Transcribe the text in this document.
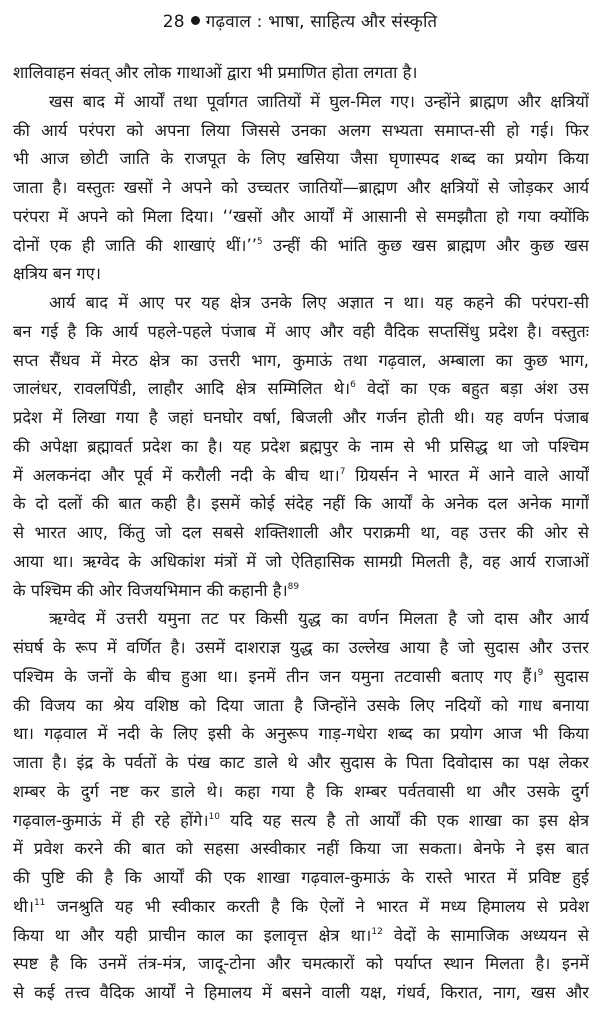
28 गढ़वाल : भाषा, साहित्य और संस्कृति
शालिवाहन संवत् और लोक गाथाओं द्वारा भी प्रमाणित होता लगता है।
खस बाद में आर्यों तथा पूर्वागत जातियों में घुल-मिल गए। उन्होंने ब्राह्मण और क्षत्रियों
की आर्य परंपरा को अपना लिया जिससे उनका अलग सभ्यता समाप्त-सी हो गई। फिर
भी आज छोटी जाति के राजपूत के लिए खसिया जैसा घृणास्पद शब्द का प्रयोग किया
जाता है। वस्तुतः खसों ने अपने को उच्चतर जातियों—ब्राह्मण और क्षत्रियों से जोड़कर आर्य
परंपरा में अपने को मिला दिया। ‘‘खसों और आर्यों में आसानी से समझौता हो गया क्योंकि
दोनों एक ही जाति की शाखाएं थीं।’’$^5$ उन्हीं की भांति कुछ खस ब्राह्मण और कुछ खस
क्षत्रिय बन गए।
आर्य बाद में आए पर यह क्षेत्र उनके लिए अज्ञात न था। यह कहने की परंपरा-सी
बन गई है कि आर्य पहले-पहले पंजाब में आए और वही वैदिक सप्तसिंधु प्रदेश है। वस्तुतः
सप्त सैंधव में मेरठ क्षेत्र का उत्तरी भाग, कुमाऊं तथा गढ़वाल, अम्बाला का कुछ भाग,
जालंधर, रावलपिंडी, लाहौर आदि क्षेत्र सम्मिलित थे।$^6$ वेदों का एक बहुत बड़ा अंश उस
प्रदेश में लिखा गया है जहां घनघोर वर्षा, बिजली और गर्जन होती थी। यह वर्णन पंजाब
की अपेक्षा ब्रह्मावर्त प्रदेश का है। यह प्रदेश ब्रह्मपुर के नाम से भी प्रसिद्ध था जो पश्चिम
में अलकनंदा और पूर्व में करौली नदी के बीच था।$^7$ ग्रियर्सन ने भारत में आने वाले आर्यों
के दो दलों की बात कही है। इसमें कोई संदेह नहीं कि आर्यों के अनेक दल अनेक मार्गों
से भारत आए, किंतु जो दल सबसे शक्तिशाली और पराक्रमी था, वह उत्तर की ओर से
आया था। ऋग्वेद के अधिकांश मंत्रों में जो ऐतिहासिक सामग्री मिलती है, वह आर्य राजाओं
के पश्चिम की ओर विजयभिमान की कहानी है।$^{89}$
ऋग्वेद में उत्तरी यमुना तट पर किसी युद्ध का वर्णन मिलता है जो दास और आर्य
संघर्ष के रूप में वर्णित है। उसमें दाशराज्ञ युद्ध का उल्लेख आया है जो सुदास और उत्तर
पश्चिम के जनों के बीच हुआ था। इनमें तीन जन यमुना तटवासी बताए गए हैं।$^9$ सुदास
की विजय का श्रेय वशिष्ठ को दिया जाता है जिन्होंने उसके लिए नदियों को गाध बनाया
था। गढ़वाल में नदी के लिए इसी के अनुरूप गाड़-गधेरा शब्द का प्रयोग आज भी किया
जाता है। इंद्र के पर्वतों के पंख काट डाले थे और सुदास के पिता दिवोदास का पक्ष लेकर
शम्बर के दुर्ग नष्ट कर डाले थे। कहा गया है कि शम्बर पर्वतवासी था और उसके दुर्ग
गढ़वाल-कुमाऊं में ही रहे होंगे।$^{10}$ यदि यह सत्य है तो आर्यों की एक शाखा का इस क्षेत्र
में प्रवेश करने की बात को सहसा अस्वीकार नहीं किया जा सकता। बेनफे ने इस बात
की पुष्टि की है कि आर्यों की एक शाखा गढ़वाल-कुमाऊं के रास्ते भारत में प्रविष्ट हुई
थी।$^{11}$ जनश्रुति यह भी स्वीकार करती है कि ऐलों ने भारत में मध्य हिमालय से प्रवेश
किया था और यही प्राचीन काल का इलावृत्त क्षेत्र था।$^{12}$ वेदों के सामाजिक अध्ययन से
स्पष्ट है कि उनमें तंत्र-मंत्र, जादू-टोना और चमत्कारों को पर्याप्त स्थान मिलता है। इनमें
से कई तत्त्व वैदिक आर्यों ने हिमालय में बसने वाली यक्ष, गंधर्व, किरात, नाग, खस और
